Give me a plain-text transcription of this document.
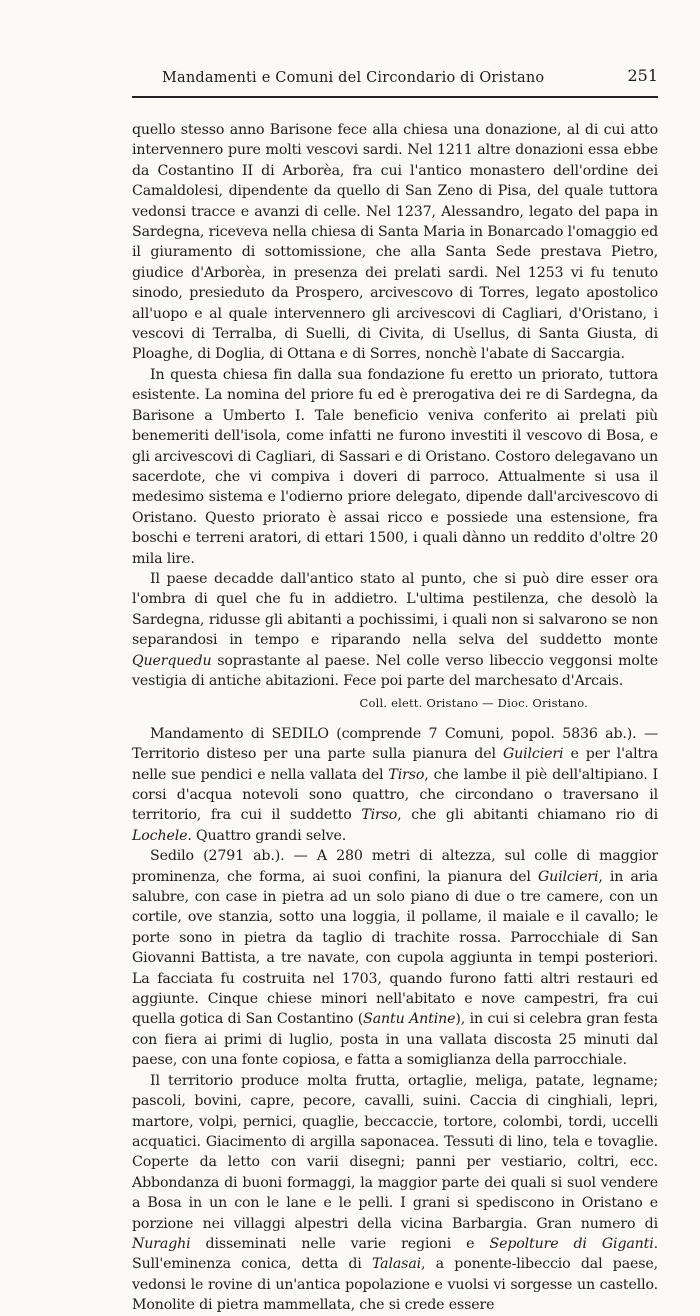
Mandamenti e Comuni del Circondario di Oristano	251

quello stesso anno Barisone fece alla chiesa una donazione, al di cui atto intervennero pure molti vescovi sardi. Nel 1211 altre donazioni essa ebbe da Costantino II di Arborèa, fra cui l'antico monastero dell'ordine dei Camaldolesi, dipendente da quello di San Zeno di Pisa, del quale tuttora vedonsi tracce e avanzi di celle. Nel 1237, Alessandro, legato del papa in Sardegna, riceveva nella chiesa di Santa Maria in Bonarcado l'omaggio ed il giuramento di sottomissione, che alla Santa Sede prestava Pietro, giudice d'Arborèa, in presenza dei prelati sardi. Nel 1253 vi fu tenuto sinodo, presieduto da Prospero, arcivescovo di Torres, legato apostolico all'uopo e al quale intervennero gli arcivescovi di Cagliari, d'Oristano, i vescovi di Terralba, di Suelli, di Civita, di Usellus, di Santa Giusta, di Ploaghe, di Doglia, di Ottana e di Sorres, nonchè l'abate di Saccargia.

In questa chiesa fin dalla sua fondazione fu eretto un priorato, tuttora esistente. La nomina del priore fu ed è prerogativa dei re di Sardegna, da Barisone a Umberto I. Tale beneficio veniva conferito ai prelati più benemeriti dell'isola, come infatti ne furono investiti il vescovo di Bosa, e gli arcivescovi di Cagliari, di Sassari e di Oristano. Costoro delegavano un sacerdote, che vi compiva i doveri di parroco. Attualmente si usa il medesimo sistema e l'odierno priore delegato, dipende dall'arcivescovo di Oristano. Questo priorato è assai ricco e possiede una estensione, fra boschi e terreni aratori, di ettari 1500, i quali dànno un reddito d'oltre 20 mila lire.

Il paese decadde dall'antico stato al punto, che si può dire esser ora l'ombra di quel che fu in addietro. L'ultima pestilenza, che desolò la Sardegna, ridusse gli abitanti a pochissimi, i quali non si salvarono se non separandosi in tempo e riparando nella selva del suddetto monte Querquedu soprastante al paese. Nel colle verso libeccio veggonsi molte vestigia di antiche abitazioni. Fece poi parte del marchesato d'Arcais.

Coll. elett. Oristano — Dioc. Oristano.

Mandamento di SEDILO (comprende 7 Comuni, popol. 5836 ab.). — Territorio disteso per una parte sulla pianura del Guilcieri e per l'altra nelle sue pendici e nella vallata del Tirso, che lambe il piè dell'altipiano. I corsi d'acqua notevoli sono quattro, che circondano o traversano il territorio, fra cui il suddetto Tirso, che gli abitanti chiamano rio di Lochele. Quattro grandi selve.

Sedilo (2791 ab.). — A 280 metri di altezza, sul colle di maggior prominenza, che forma, ai suoi confini, la pianura del Guilcieri, in aria salubre, con case in pietra ad un solo piano di due o tre camere, con un cortile, ove stanzia, sotto una loggia, il pollame, il maiale e il cavallo; le porte sono in pietra da taglio di trachite rossa. Parrocchiale di San Giovanni Battista, a tre navate, con cupola aggiunta in tempi posteriori. La facciata fu costruita nel 1703, quando furono fatti altri restauri ed aggiunte. Cinque chiese minori nell'abitato e nove campestri, fra cui quella gotica di San Costantino (Santu Antine), in cui si celebra gran festa con fiera ai primi di luglio, posta in una vallata discosta 25 minuti dal paese, con una fonte copiosa, e fatta a somiglianza della parrocchiale.

Il territorio produce molta frutta, ortaglie, meliga, patate, legname; pascoli, bovini, capre, pecore, cavalli, suini. Caccia di cinghiali, lepri, martore, volpi, pernici, quaglie, beccaccie, tortore, colombi, tordi, uccelli acquatici. Giacimento di argilla saponacea. Tessuti di lino, tela e tovaglie. Coperte da letto con varii disegni; panni per vestiario, coltri, ecc. Abbondanza di buoni formaggi, la maggior parte dei quali si suol vendere a Bosa in un con le lane e le pelli. I grani si spediscono in Oristano e porzione nei villaggi alpestri della vicina Barbargia. Gran numero di Nuraghi disseminati nelle varie regioni e Sepolture di Giganti. Sull'eminenza conica, detta di Talasai, a ponente-libeccio dal paese, vedonsi le rovine di un'antica popolazione e vuolsi vi sorgesse un castello. Monolite di pietra mammellata, che si crede essere
